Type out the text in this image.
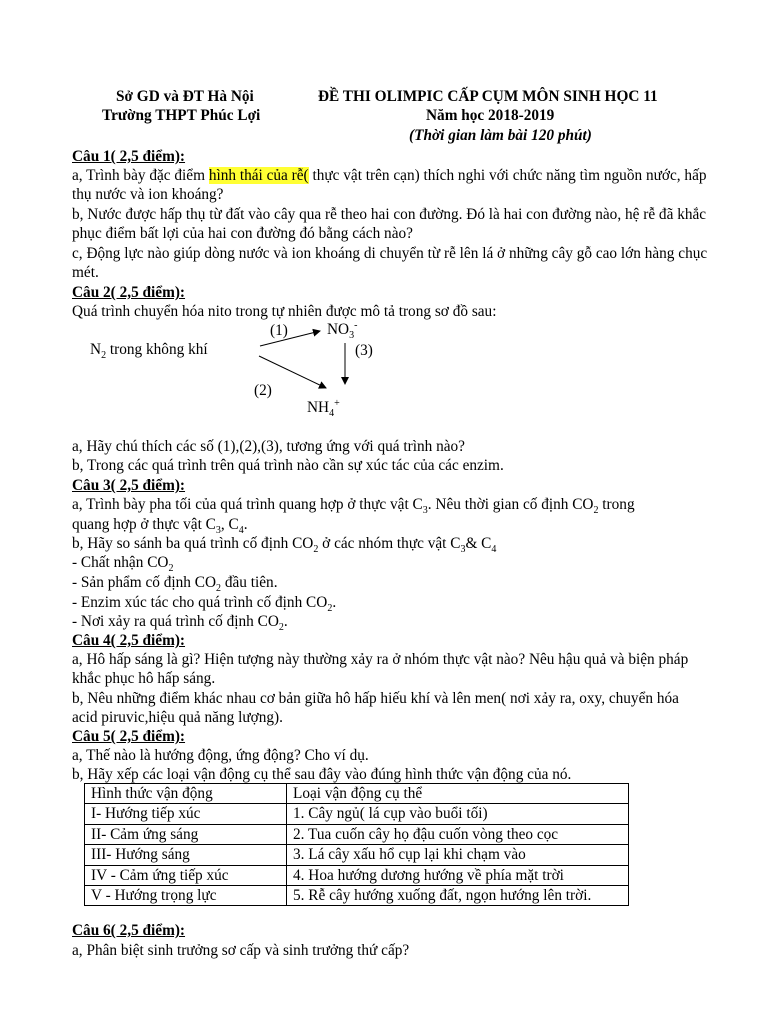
Sở GD và ĐT Hà Nội
Trường THPT Phúc Lợi
ĐỀ THI OLIMPIC CẤP CỤM MÔN SINH HỌC 11
Năm học 2018-2019
(Thời gian làm bài 120 phút)
Câu 1( 2,5 điểm):
a, Trình bày đặc điểm hình thái của rễ( thực vật trên cạn) thích nghi với chức năng tìm nguồn nước, hấp thụ nước và ion khoáng?
b, Nước được hấp thụ từ đất vào cây qua rễ theo hai con đường. Đó là hai con đường nào, hệ rễ đã khắc phục điểm bất lợi của hai con đường đó bằng cách nào?
c, Động lực nào giúp dòng nước và ion khoáng di chuyển từ rễ lên lá ở những cây gỗ cao lớn hàng chục mét.
Câu 2( 2,5 điểm):
Quá trình chuyển hóa nito trong tự nhiên được mô tả trong sơ đồ sau:
(1)	$NO_3^-$
$N_2$ trong không khí	(3)
(2)
$NH_4^+$
a, Hãy chú thích các số (1),(2),(3), tương ứng với quá trình nào?
b, Trong các quá trình trên quá trình nào cần sự xúc tác của các enzim.
Câu 3( 2,5 điểm):
a, Trình bày pha tối của quá trình quang hợp ở thực vật $C_3$. Nêu thời gian cố định $CO_2$ trong
quang hợp ở thực vật $C_3$, $C_4$.
b, Hãy so sánh ba quá trình cố định $CO_2$ ở các nhóm thực vật $C_3\&$ $C_4$
- Chất nhận $CO_2$
- Sản phẩm cố định $CO_2$ đầu tiên.
- Enzim xúc tác cho quá trình cố định $CO_2$.
- Nơi xảy ra quá trình cố định $CO_2$.
Câu 4( 2,5 điểm):
a, Hô hấp sáng là gì? Hiện tượng này thường xảy ra ở nhóm thực vật nào? Nêu hậu quả và biện pháp khắc phục hô hấp sáng.
b, Nêu những điểm khác nhau cơ bản giữa hô hấp hiếu khí và lên men( nơi xảy ra, oxy, chuyển hóa acid piruvic,hiệu quả năng lượng).
Câu 5( 2,5 điểm):
a, Thế nào là hướng động, ứng động? Cho ví dụ.
b, Hãy xếp các loại vận động cụ thể sau đây vào đúng hình thức vận động của nó.
Hình thức vận động	Loại vận động cụ thể
I- Hướng tiếp xúc	1. Cây ngủ( lá cụp vào buổi tối)
II- Cảm ứng sáng	2. Tua cuốn cây họ đậu cuốn vòng theo cọc
III- Hướng sáng	3. Lá cây xấu hổ cụp lại khi chạm vào
IV - Cảm ứng tiếp xúc	4. Hoa hướng dương hướng về phía mặt trời
V - Hướng trọng lực	5. Rễ cây hướng xuống đất, ngọn hướng lên trời.
Câu 6( 2,5 điểm):
a, Phân biệt sinh trưởng sơ cấp và sinh trưởng thứ cấp?
